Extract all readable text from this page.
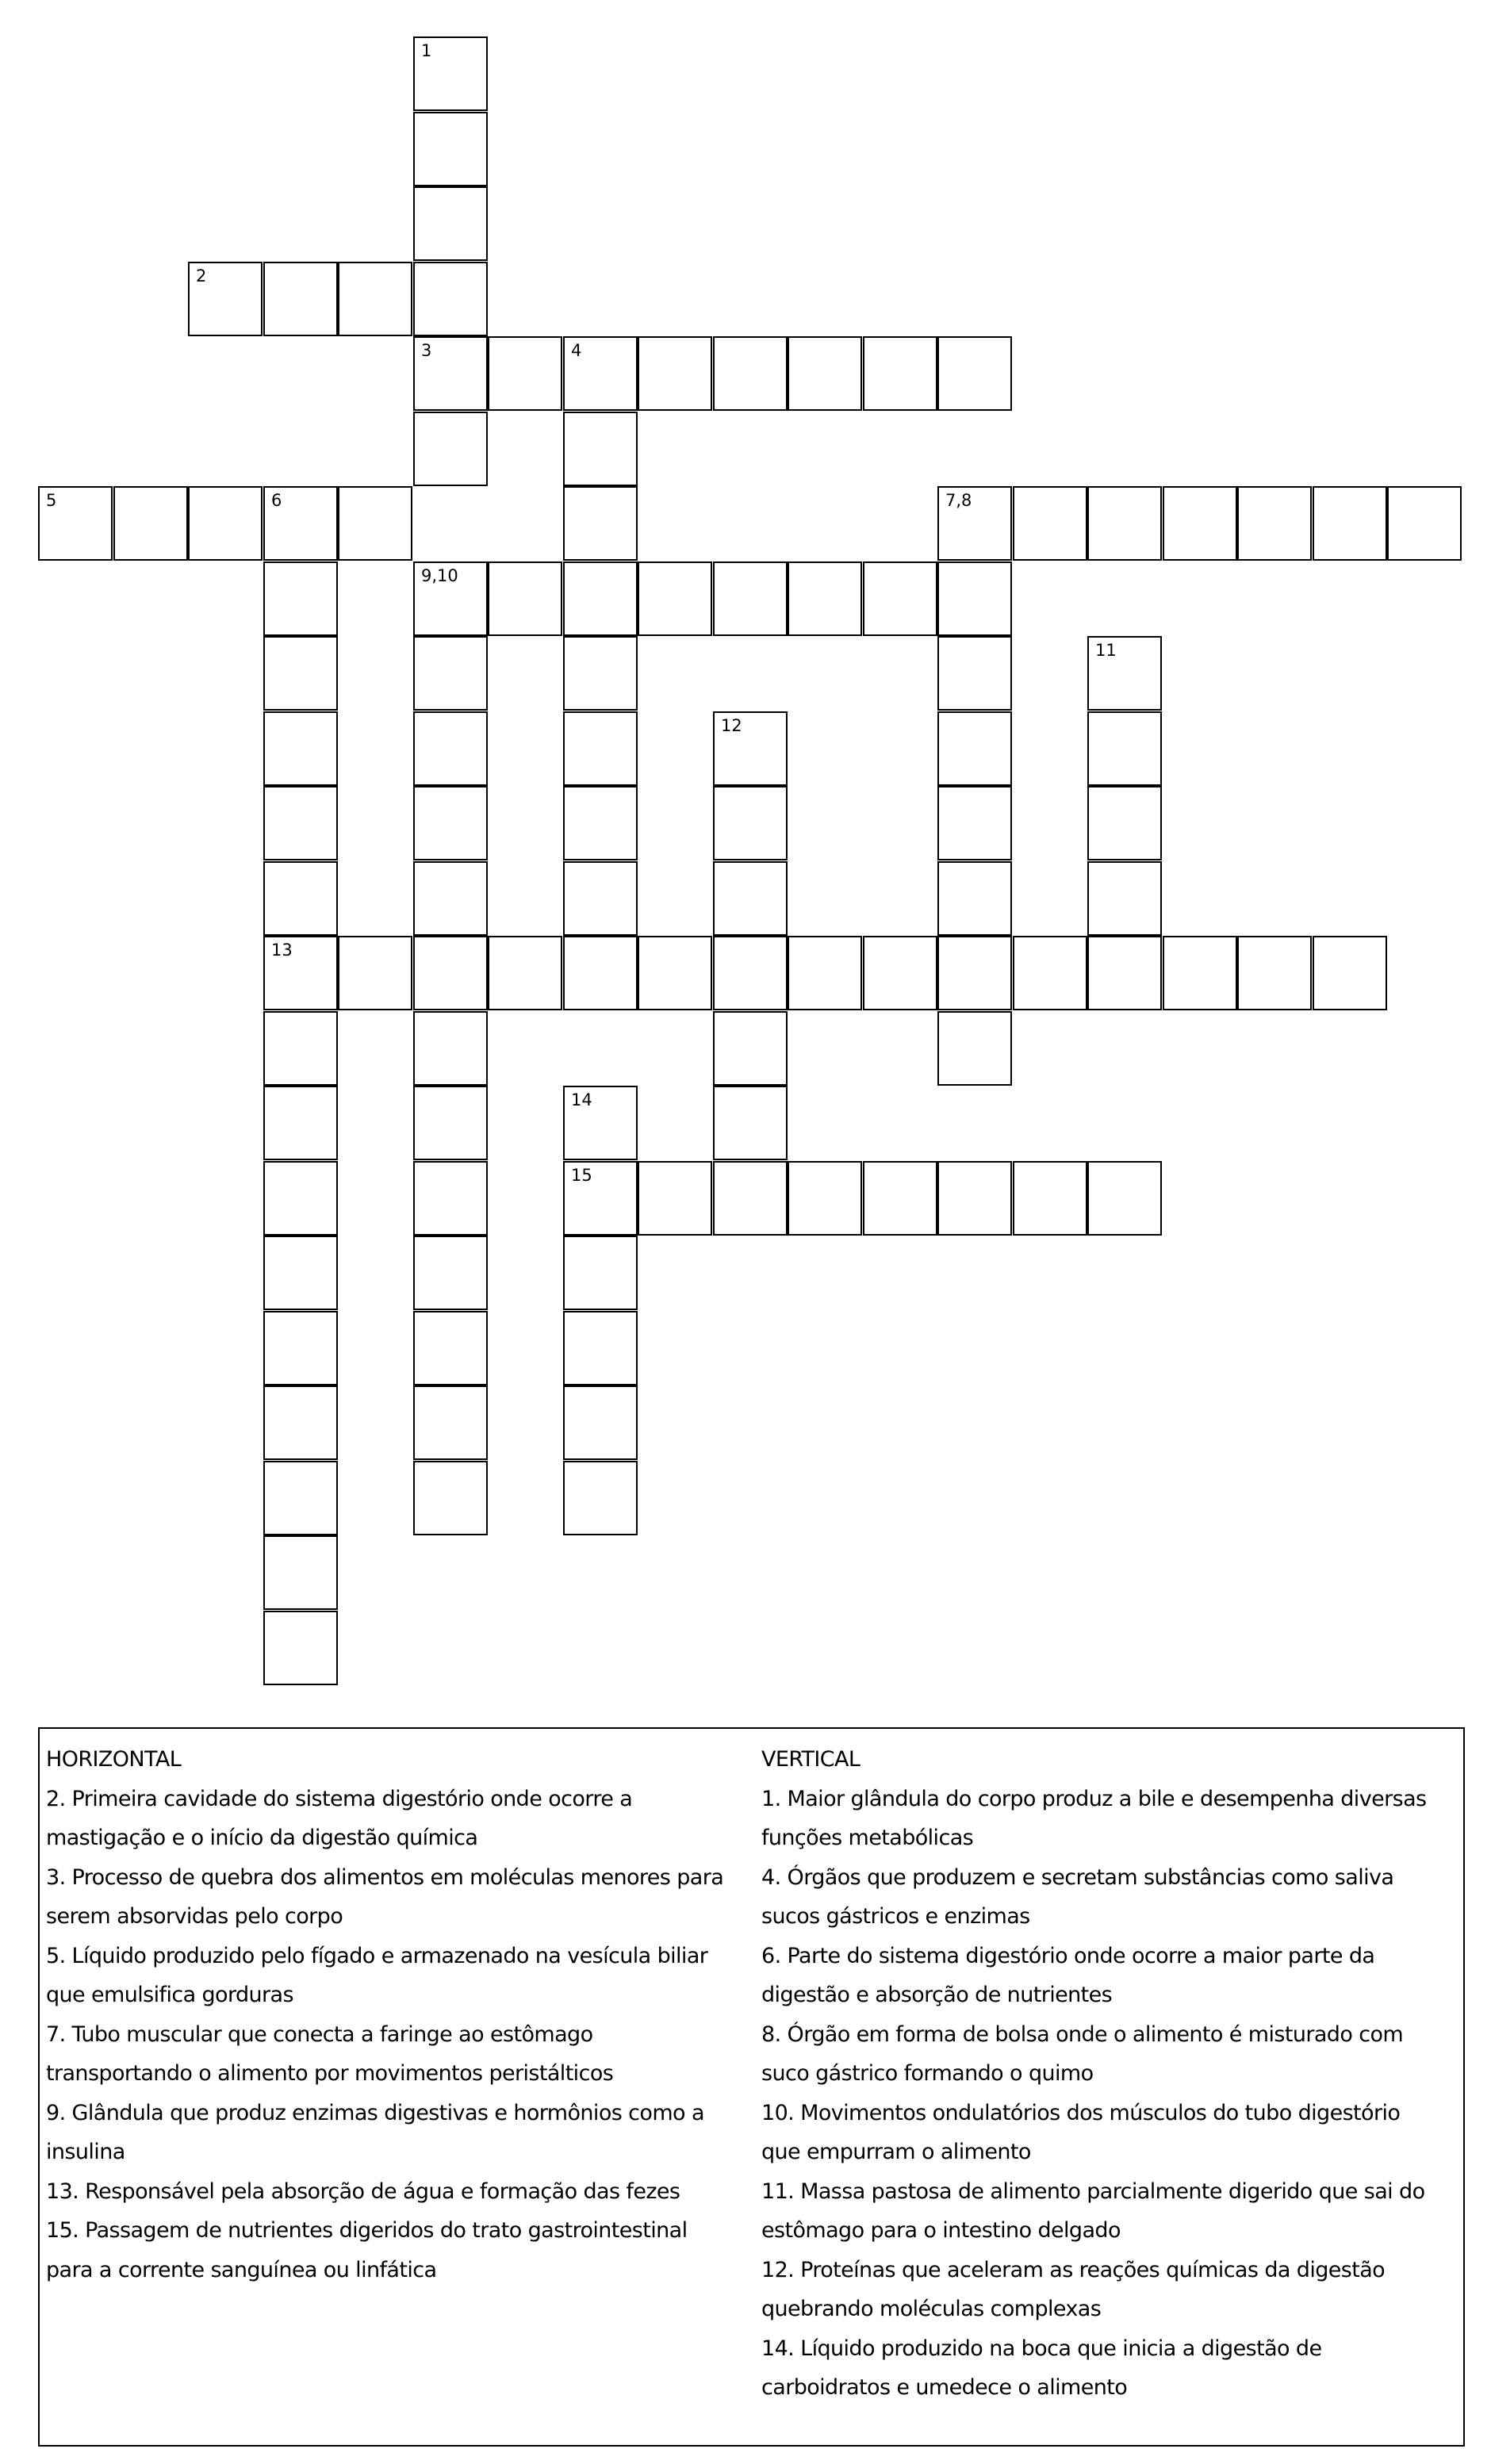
1
3
2
4
5	6
13
7,8
9,10
11
12
14
15
HORIZONTAL
2. Primeira cavidade do sistema digestório onde ocorre a
mastigação e o início da digestão química
3. Processo de quebra dos alimentos em moléculas menores para
serem absorvidas pelo corpo
5. Líquido produzido pelo fígado e armazenado na vesícula biliar
que emulsifica gorduras
7. Tubo muscular que conecta a faringe ao estômago
transportando o alimento por movimentos peristálticos
9. Glândula que produz enzimas digestivas e hormônios como a
insulina
13. Responsável pela absorção de água e formação das fezes
15. Passagem de nutrientes digeridos do trato gastrointestinal
para a corrente sanguínea ou linfática
VERTICAL
1. Maior glândula do corpo produz a bile e desempenha diversas
funções metabólicas
4. Órgãos que produzem e secretam substâncias como saliva
sucos gástricos e enzimas
6. Parte do sistema digestório onde ocorre a maior parte da
digestão e absorção de nutrientes
8. Órgão em forma de bolsa onde o alimento é misturado com
suco gástrico formando o quimo
10. Movimentos ondulatórios dos músculos do tubo digestório
que empurram o alimento
11. Massa pastosa de alimento parcialmente digerido que sai do
estômago para o intestino delgado
12. Proteínas que aceleram as reações químicas da digestão
quebrando moléculas complexas
14. Líquido produzido na boca que inicia a digestão de
carboidratos e umedece o alimento
